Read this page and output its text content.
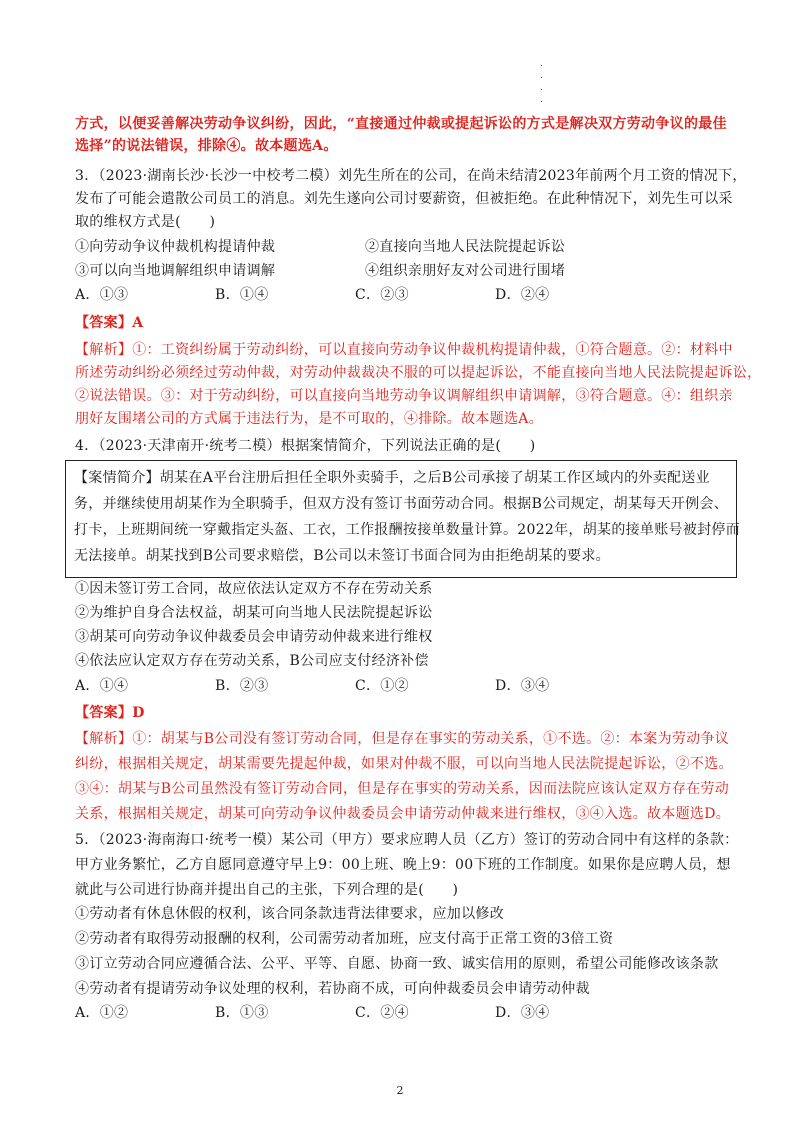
.
.
.
.
方式，以便妥善解决劳动争议纠纷，因此，“直接通过仲裁或提起诉讼的方式是解决双方劳动争议的最佳
选择”的说法错误，排除④。故本题选A。
3．（2023·湖南长沙·长沙一中校考二模）刘先生所在的公司，在尚未结清2023年前两个月工资的情况下，
发布了可能会遣散公司员工的消息。刘先生遂向公司讨要薪资，但被拒绝。在此种情况下，刘先生可以采
取的维权方式是(　　)
①向劳动争议仲裁机构提请仲裁	②直接向当地人民法院提起诉讼
③可以向当地调解组织申请调解	④组织亲朋好友对公司进行围堵
A．①③	B．①④	C．②③	D．②④
【答案】A
【解析】①：工资纠纷属于劳动纠纷，可以直接向劳动争议仲裁机构提请仲裁，①符合题意。②：材料中
所述劳动纠纷必须经过劳动仲裁，对劳动仲裁裁决不服的可以提起诉讼，不能直接向当地人民法院提起诉讼，
②说法错误。③：对于劳动纠纷，可以直接向当地劳动争议调解组织申请调解，③符合题意。④：组织亲
朋好友围堵公司的方式属于违法行为，是不可取的，④排除。故本题选A。
4．（2023·天津南开·统考二模）根据案情简介，下列说法正确的是(　　)
【案情简介】胡某在A平台注册后担任全职外卖骑手，之后B公司承接了胡某工作区域内的外卖配送业
务，并继续使用胡某作为全职骑手，但双方没有签订书面劳动合同。根据B公司规定，胡某每天开例会、
打卡，上班期间统一穿戴指定头盔、工衣，工作报酬按接单数量计算。2022年，胡某的接单账号被封停而
无法接单。胡某找到B公司要求赔偿，B公司以未签订书面合同为由拒绝胡某的要求。
①因未签订劳工合同，故应依法认定双方不存在劳动关系
②为维护自身合法权益，胡某可向当地人民法院提起诉讼
③胡某可向劳动争议仲裁委员会申请劳动仲裁来进行维权
④依法应认定双方存在劳动关系，B公司应支付经济补偿
A．①④	B．②③	C．①②	D．③④
【答案】D
【解析】①：胡某与B公司没有签订劳动合同，但是存在事实的劳动关系，①不选。②：本案为劳动争议
纠纷，根据相关规定，胡某需要先提起仲裁，如果对仲裁不服，可以向当地人民法院提起诉讼，②不选。
③④：胡某与B公司虽然没有签订劳动合同，但是存在事实的劳动关系，因而法院应该认定双方存在劳动
关系，根据相关规定，胡某可向劳动争议仲裁委员会申请劳动仲裁来进行维权，③④入选。故本题选D。
5．（2023·海南海口·统考一模）某公司（甲方）要求应聘人员（乙方）签订的劳动合同中有这样的条款：
甲方业务繁忙，乙方自愿同意遵守早上9：00上班、晚上9：00下班的工作制度。如果你是应聘人员，想
就此与公司进行协商并提出自己的主张，下列合理的是(　　)
①劳动者有休息休假的权利，该合同条款违背法律要求，应加以修改
②劳动者有取得劳动报酬的权利，公司需劳动者加班，应支付高于正常工资的3倍工资
③订立劳动合同应遵循合法、公平、平等、自愿、协商一致、诚实信用的原则，希望公司能修改该条款
④劳动者有提请劳动争议处理的权利，若协商不成，可向仲裁委员会申请劳动仲裁
A．①②	B．①③	C．②④	D．③④
2
